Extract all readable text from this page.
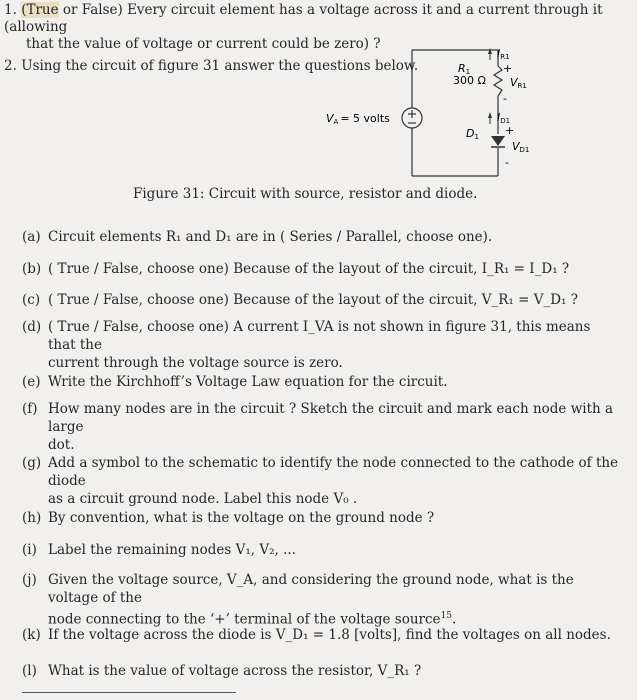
1. (True or False) Every circuit element has a voltage across it and a current through it (allowing
that the value of voltage or current could be zero) ?
2. Using the circuit of figure 31 answer the questions below.
IR1
+
VR1
-
R1
300 Ω
ID1
+
VD1
-
D1
VA = 5 volts
Figure 31: Circuit with source, resistor and diode.
(a) Circuit elements R₁ and D₁ are in ( Series / Parallel, choose one).
(b) ( True / False, choose one) Because of the layout of the circuit, I_R₁ = I_D₁ ?
(c) ( True / False, choose one) Because of the layout of the circuit, V_R₁ = V_D₁ ?
(d) ( True / False, choose one) A current I_VA is not shown in figure 31, this means that the
current through the voltage source is zero.
(e) Write the Kirchhoff’s Voltage Law equation for the circuit.
(f) How many nodes are in the circuit ? Sketch the circuit and mark each node with a large
dot.
(g) Add a symbol to the schematic to identify the node connected to the cathode of the diode
as a circuit ground node. Label this node V₀ .
(h) By convention, what is the voltage on the ground node ?
(i) Label the remaining nodes V₁, V₂, ...
(j) Given the voltage source, V_A, and considering the ground node, what is the voltage of the
node connecting to the ‘+’ terminal of the voltage source$^{15}$.
(k) If the voltage across the diode is V_D₁ = 1.8 [volts], find the voltages on all nodes.
(l) What is the value of voltage across the resistor, V_R₁ ?
